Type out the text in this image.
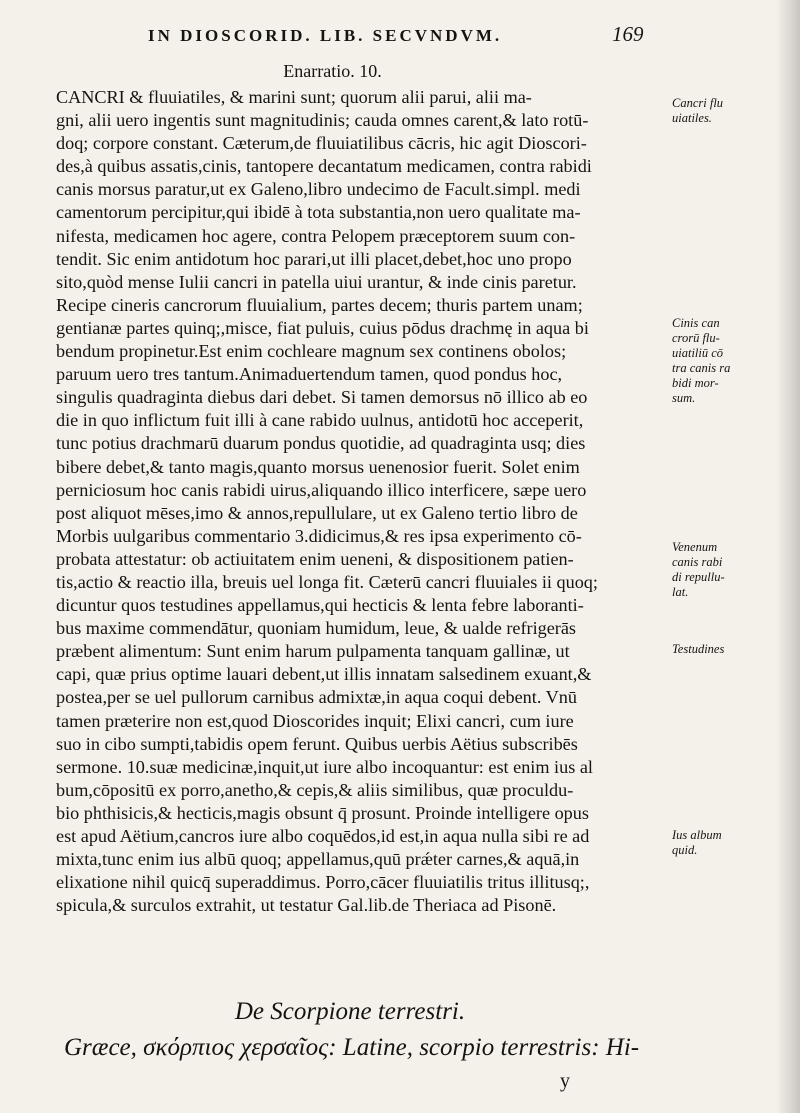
IN DIOSCORID. LIB. SECVNDVM.	169
Enarratio. 10.
CANCRI & fluuiatiles, & marini sunt; quorum alii parui, alii ma-
gni, alii uero ingentis sunt magnitudinis; cauda omnes carent,& lato rotū-
doq; corpore constant. Cæterum,de fluuiatilibus cācris, hic agit Dioscori-
des,à quibus assatis,cinis, tantopere decantatum medicamen, contra rabidi
canis morsus paratur,ut ex Galeno,libro undecimo de Facult.simpl. medi
camentorum percipitur,qui ibidē à tota substantia,non uero qualitate ma-
nifesta, medicamen hoc agere, contra Pelopem præceptorem suum con-
tendit. Sic enim antidotum hoc parari,ut illi placet,debet,hoc uno propo
sito,quòd mense Iulii cancri in patella uiui urantur, & inde cinis paretur.
Recipe cineris cancrorum fluuialium, partes decem; thuris partem unam;
gentianæ partes quinq;,misce, fiat puluis, cuius pōdus drachmę in aqua bi
bendum propinetur.Est enim cochleare magnum sex continens obolos;
paruum uero tres tantum.Animaduertendum tamen, quod pondus hoc,
singulis quadraginta diebus dari debet. Si tamen demorsus nō illico ab eo
die in quo inflictum fuit illi à cane rabido uulnus, antidotū hoc acceperit,
tunc potius drachmarū duarum pondus quotidie, ad quadraginta usq; dies
bibere debet,& tanto magis,quanto morsus uenenosior fuerit. Solet enim
perniciosum hoc canis rabidi uirus,aliquando illico interficere, sæpe uero
post aliquot mēses,imo & annos,repullulare, ut ex Galeno tertio libro de
Morbis uulgaribus commentario 3.didicimus,& res ipsa experimento cō-
probata attestatur: ob actiuitatem enim ueneni, & dispositionem patien-
tis,actio & reactio illa, breuis uel longa fit. Cæterū cancri fluuiales ii quoq;
dicuntur quos testudines appellamus,qui hecticis & lenta febre laboranti-
bus maxime commendātur, quoniam humidum, leue, & ualde refrigerās
præbent alimentum: Sunt enim harum pulpamenta tanquam gallinæ, ut
capi, quæ prius optime lauari debent,ut illis innatam salsedinem exuant,&
postea,per se uel pullorum carnibus admixtæ,in aqua coqui debent. Vnū
tamen præterire non est,quod Dioscorides inquit; Elixi cancri, cum iure
suo in cibo sumpti,tabidis opem ferunt. Quibus uerbis Aëtius subscribēs
sermone. 10.suæ medicinæ,inquit,ut iure albo incoquantur: est enim ius al
bum,cōpositū ex porro,anetho,& cepis,& aliis similibus, quæ proculdu-
bio phthisicis,& hecticis,magis obsunt q̄ prosunt. Proinde intelligere opus
est apud Aëtium,cancros iure albo coquēdos,id est,in aqua nulla sibi re ad
mixta,tunc enim ius albū quoq; appellamus,quū prǽter carnes,& aquā,in
elixatione nihil quicq̄ superaddimus. Porro,cācer fluuiatilis tritus illitusq;,
spicula,& surculos extrahit, ut testatur Gal.lib.de Theriaca ad Pisonē.
Cancri flu
uiatiles.
Cinis can
crorū flu-
uiatiliū cō
tra canis ra
bidi mor-
sum.
Venenum
canis rabi
di repullu-
lat.
Testudines
Ius album
quid.
De Scorpione terrestri.
Græce, σκόρπιος χερσαῖος: Latine, scorpio terrestris: Hi-
y
